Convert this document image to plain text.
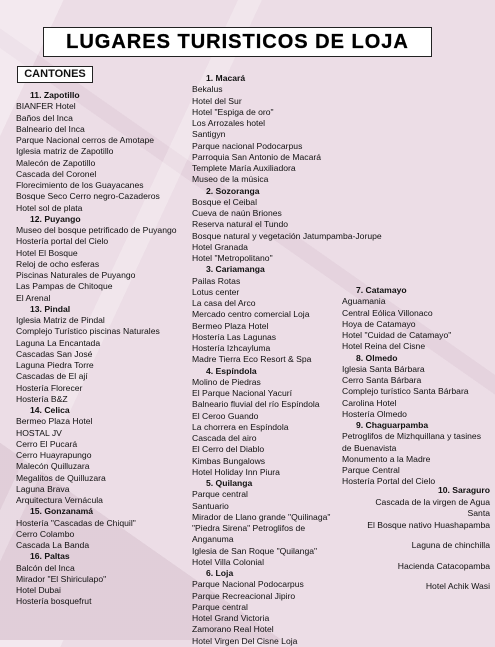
LUGARES TURISTICOS DE LOJA
CANTONES
11. Zapotillo
BIANFER Hotel
Baños del Inca
Balneario del Inca
Parque Nacional cerros de Amotape
Iglesia matriz de Zapotillo
Malecón de Zapotillo
Cascada del Coronel
Florecimiento de los Guayacanes
Bosque Seco Cerro negro-Cazaderos
Hotel sol de plata
12. Puyango
Museo del bosque petrificado de Puyango
Hostería portal del Cielo
Hotel El Bosque
Reloj de ocho esferas
Piscinas Naturales de Puyango
Las Pampas de Chitoque
El Arenal
13. Pindal
Iglesia Matriz de Pindal
Complejo Turístico piscinas Naturales
Laguna La Encantada
Cascadas San José
Laguna Piedra Torre
Cascadas de El ají
Hostería Florecer
Hostería B&Z
14. Celica
Bermeo Plaza Hotel
HOSTAL JV
Cerro El Pucará
Cerro Huayrapungo
Malecón Quilluzara
Megalitos de Quilluzara
Laguna Brava
Arquitectura Vernácula
15. Gonzanamá
Hostería "Cascadas de Chiquil"
Cerro Colambo
Cascada La Banda
16. Paltas
Balcón del Inca
Mirador "El Shiriculapo"
Hotel Dubai
Hostería bosquefrut
1. Macará
Bekalus
Hotel del Sur
Hotel "Espiga de oro"
Los Arrozales hotel
Santigyn
Parque nacional Podocarpus
Parroquia San Antonio de Macará
Templete María Auxiliadora
Museo de la música
2. Sozoranga
Bosque el Ceibal
Cueva de naún Briones
Reserva natural el Tundo
Bosque natural y vegetación Jatumpamba-Jorupe
Hotel Granada
Hotel "Metropolitano"
3. Cariamanga
Pailas Rotas
Lotus center
La casa del Arco
Mercado centro comercial Loja
Bermeo Plaza Hotel
Hostería Las Lagunas
Hostería Izhcayluma
Madre Tierra Eco Resort & Spa
4. Espíndola
Molino de Piedras
El Parque Nacional Yacurí
Balneario fluvial del río Espíndola
El Ceroo Guando
La chorrera en Espíndola
Cascada del airo
El Cerro del Diablo
Kimbas Bungalows
Hotel Holiday Inn Piura
5. Quilanga
Parque central
Santuario
Mirador de Llano grande "Quilinaga"
"Piedra Sirena" Petroglifos de
Anganuma
Iglesia de San Roque "Quilanga"
Hotel Villa Colonial
6. Loja
Parque Nacional Podocarpus
Parque Recreacional Jipiro
Parque central
Hotel Grand Victoria
Zamorano Real Hotel
Hotel Virgen Del Cisne Loja
7. Catamayo
Aguamania
Central Eólica Villonaco
Hoya de Catamayo
Hotel "Cuidad de Catamayo"
Hotel Reina del Cisne
8. Olmedo
Iglesia Santa Bárbara
Cerro Santa Bárbara
Complejo turístico Santa Bárbara
Carolina Hotel
Hostería Olmedo
9. Chaguarpamba
Petroglifos de Mizhquillana y tasines
de Buenavista
Monumento a la Madre
Parque Central
Hostería Portal del Cielo
10. Saraguro
Cascada de la virgen de Agua
Santa
El Bosque nativo Huashapamba
Laguna de chinchilla
Hacienda Catacopamba
Hotel Achik Wasi
